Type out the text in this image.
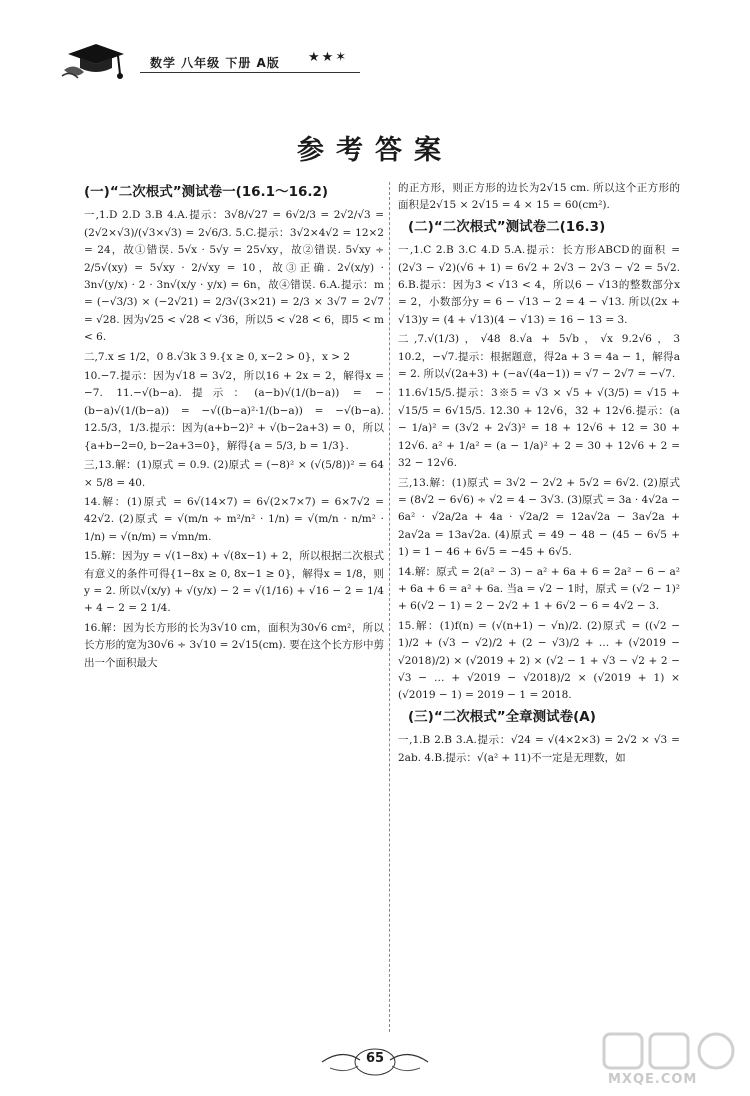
数学 八年级 下册 A版 ★★✶
参考答案
(一)“二次根式”测试卷一(16.1～16.2)

一,1.D 2.D 3.B 4.A.提示：3√8/√27 = 6√2/3 = 2√2/√3 = (2√2×√3)/(√3×√3) = 2√6/3. 5.C.提示：3√2×4√2 = 12×2 = 24，故①错误. 5√x · 5√y = 25√xy，故②错误. 5√xy ÷ 2/5√(xy) = 5√xy · 2/√xy = 10，故③正确. 2√(x/y) · 3n√(y/x) · 2 · 3n√(x/y · y/x) = 6n，故④错误. 6.A.提示：m = (−√3/3) × (−2√21) = 2/3√(3×21) = 2/3 × 3√7 = 2√7 = √28. 因为√25 < √28 < √36，所以5 < √28 < 6，即5 < m < 6.

二,7.x ≤ 1/2，0 8.√3k 3 9.{x ≥ 0, x−2 > 0}，x > 2

10.−7.提示：因为√18 = 3√2，所以16 + 2x = 2，解得x = −7. 11.−√(b−a).提示：(a−b)√(1/(b−a)) = −(b−a)√(1/(b−a)) = −√((b−a)²·1/(b−a)) = −√(b−a). 12.5/3，1/3.提示：因为(a+b−2)² + √(b−2a+3) = 0，所以{a+b−2=0, b−2a+3=0}，解得{a = 5/3, b = 1/3}.

三,13.解：(1)原式 = 0.9. (2)原式 = (−8)² × (√(5/8))² = 64 × 5/8 = 40.

14.解：(1)原式 = 6√(14×7) = 6√(2×7×7) = 6×7√2 = 42√2. (2)原式 = √(m/n ÷ m²/n² · 1/n) = √(m/n · n/m² · 1/n) = √(n/m) = √mn/m.

15.解：因为y = √(1−8x) + √(8x−1) + 2，所以根据二次根式有意义的条件可得{1−8x ≥ 0, 8x−1 ≥ 0}，解得x = 1/8，则y = 2. 所以√(x/y) + √(y/x) − 2 = √(1/16) + √16 − 2 = 1/4 + 4 − 2 = 2 1/4.

16.解：因为长方形的长为3√10 cm，面积为30√6 cm²，所以长方形的宽为30√6 ÷ 3√10 = 2√15(cm). 要在这个长方形中剪出一个面积最大

的正方形，则正方形的边长为2√15 cm. 所以这个正方形的面积是2√15 × 2√15 = 4 × 15 = 60(cm²).

(二)“二次根式”测试卷二(16.3)

一,1.C 2.B 3.C 4.D 5.A.提示：长方形ABCD的面积 = (2√3 − √2)(√6 + 1) = 6√2 + 2√3 − 2√3 − √2 = 5√2. 6.B.提示：因为3 < √13 < 4，所以6 − √13的整数部分x = 2，小数部分y = 6 − √13 − 2 = 4 − √13. 所以(2x + √13)y = (4 + √13)(4 − √13) = 16 − 13 = 3.

二,7.√(1/3)，√48 8.√a + 5√b，√x 9.2√6，3 10.2，−√7.提示：根据题意，得2a + 3 = 4a − 1，解得a = 2. 所以√(2a+3) + (−a√(4a−1)) = √7 − 2√7 = −√7.

11.6√15/5.提示：3※5 = √3 × √5 + √(3/5) = √15 + √15/5 = 6√15/5. 12.30 + 12√6，32 + 12√6.提示：(a − 1/a)² = (3√2 + 2√3)² = 18 + 12√6 + 12 = 30 + 12√6. a² + 1/a² = (a − 1/a)² + 2 = 30 + 12√6 + 2 = 32 − 12√6.

三,13.解：(1)原式 = 3√2 − 2√2 + 5√2 = 6√2. (2)原式 = (8√2 − 6√6) ÷ √2 = 4 − 3√3. (3)原式 = 3a · 4√2a − 6a² · √2a/2a + 4a · √2a/2 = 12a√2a − 3a√2a + 2a√2a = 13a√2a. (4)原式 = 49 − 48 − (45 − 6√5 + 1) = 1 − 46 + 6√5 = −45 + 6√5.

14.解：原式 = 2(a² − 3) − a² + 6a + 6 = 2a² − 6 − a² + 6a + 6 = a² + 6a. 当a = √2 − 1时，原式 = (√2 − 1)² + 6(√2 − 1) = 2 − 2√2 + 1 + 6√2 − 6 = 4√2 − 3.

15.解：(1)f(n) = (√(n+1) − √n)/2. (2)原式 = ((√2 − 1)/2 + (√3 − √2)/2 + (2 − √3)/2 + … + (√2019 − √2018)/2) × (√2019 + 2) × (√2 − 1 + √3 − √2 + 2 − √3 − … + √2019 − √2018)/2 × (√2019 + 1) × (√2019 − 1) = 2019 − 1 = 2018.

(三)“二次根式”全章测试卷(A)

一,1.B 2.B 3.A.提示：√24 = √(4×2×3) = 2√2 × √3 = 2ab. 4.B.提示：√(a² + 11)不一定是无理数，如

65
MXQE.COM
